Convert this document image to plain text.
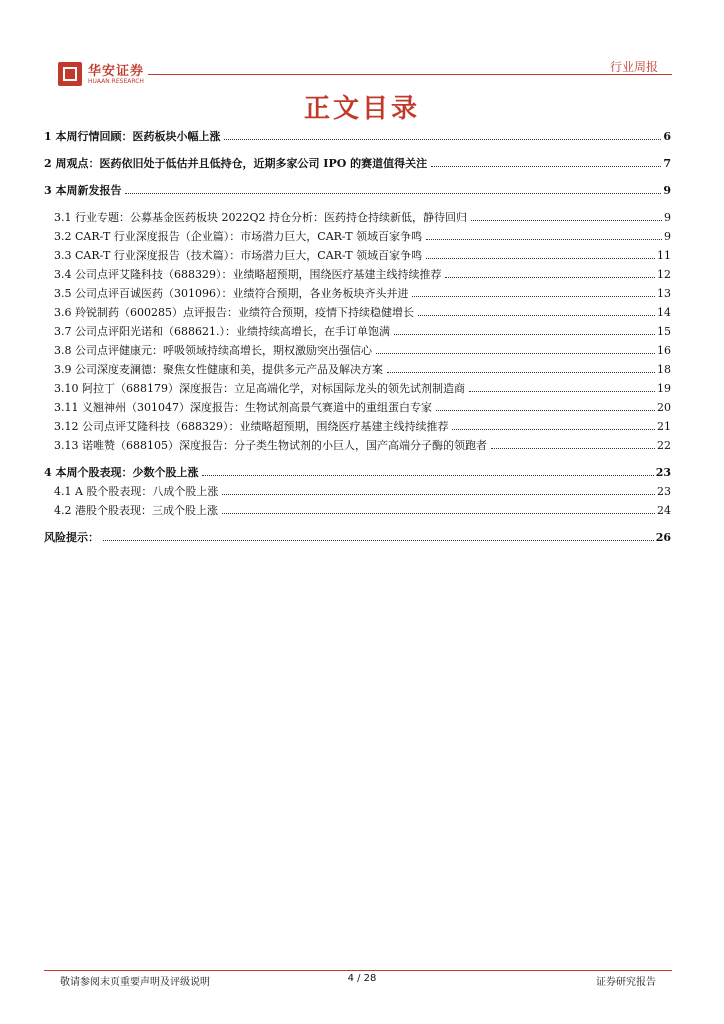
华安证券
HUAAN RESEARCH
行业周报
正文目录
1 本周行情回顾：医药板块小幅上涨	6
2 周观点：医药依旧处于低估并且低持仓，近期多家公司 IPO 的赛道值得关注	7
3 本周新发报告	9
3.1 行业专题：公募基金医药板块 2022Q2 持仓分析：医药持仓持续新低，静待回归	9
3.2 CAR-T 行业深度报告（企业篇）：市场潜力巨大，CAR-T 领域百家争鸣	9
3.3 CAR-T 行业深度报告（技术篇）：市场潜力巨大，CAR-T 领域百家争鸣	11
3.4 公司点评艾隆科技（688329）：业绩略超预期，围绕医疗基建主线持续推荐	12
3.5 公司点评百诚医药（301096）：业绩符合预期，各业务板块齐头并进	13
3.6 羚锐制药（600285）点评报告：业绩符合预期，疫情下持续稳健增长	14
3.7 公司点评阳光诺和（688621.）：业绩持续高增长，在手订单饱满	15
3.8 公司点评健康元：呼吸领域持续高增长，期权激励突出强信心	16
3.9 公司深度麦澜德：聚焦女性健康和美，提供多元产品及解决方案	18
3.10 阿拉丁（688179）深度报告：立足高端化学，对标国际龙头的领先试剂制造商	19
3.11 义翘神州（301047）深度报告：生物试剂高景气赛道中的重组蛋白专家	20
3.12 公司点评艾隆科技（688329）：业绩略超预期，围绕医疗基建主线持续推荐	21
3.13 诺唯赞（688105）深度报告：分子类生物试剂的小巨人，国产高端分子酶的领跑者	22
4 本周个股表现：少数个股上涨	23
4.1 A 股个股表现：八成个股上涨	23
4.2 港股个股表现：三成个股上涨	24
风险提示：	26
敬请参阅末页重要声明及评级说明	4 / 28	证券研究报告
